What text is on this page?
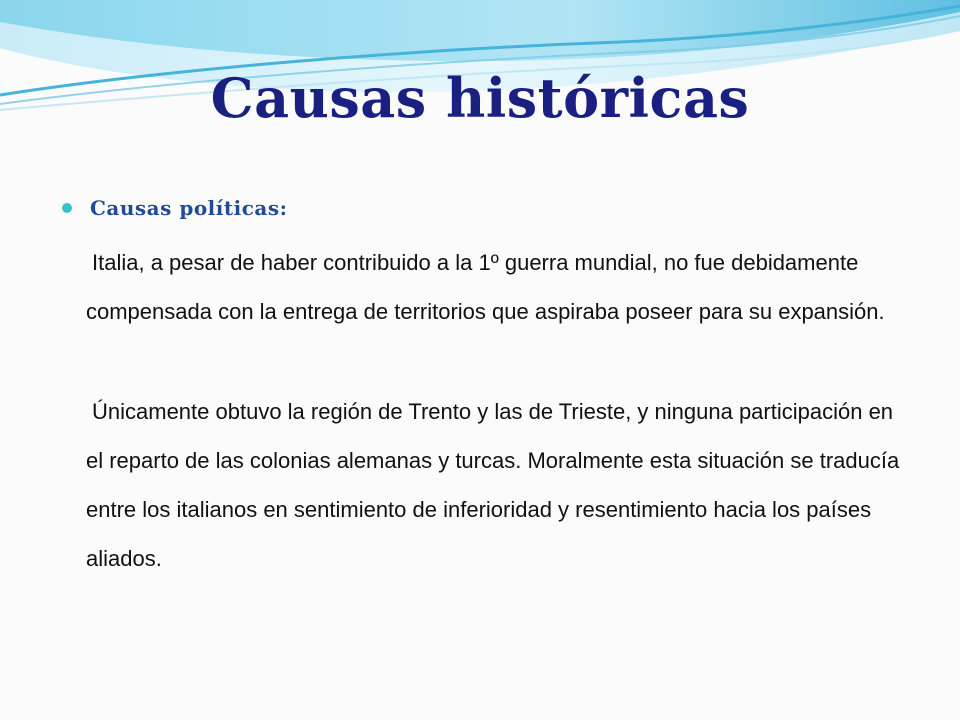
Causas históricas
Causas políticas:

Italia, a pesar de haber contribuido a la 1º guerra mundial, no fue debidamente compensada con la entrega de territorios que aspiraba poseer para su expansión.

Únicamente obtuvo la región de Trento y las de Trieste, y ninguna participación en el reparto de las colonias alemanas y turcas. Moralmente esta situación se traducía entre los italianos en sentimiento de inferioridad y resentimiento hacia los países aliados.
